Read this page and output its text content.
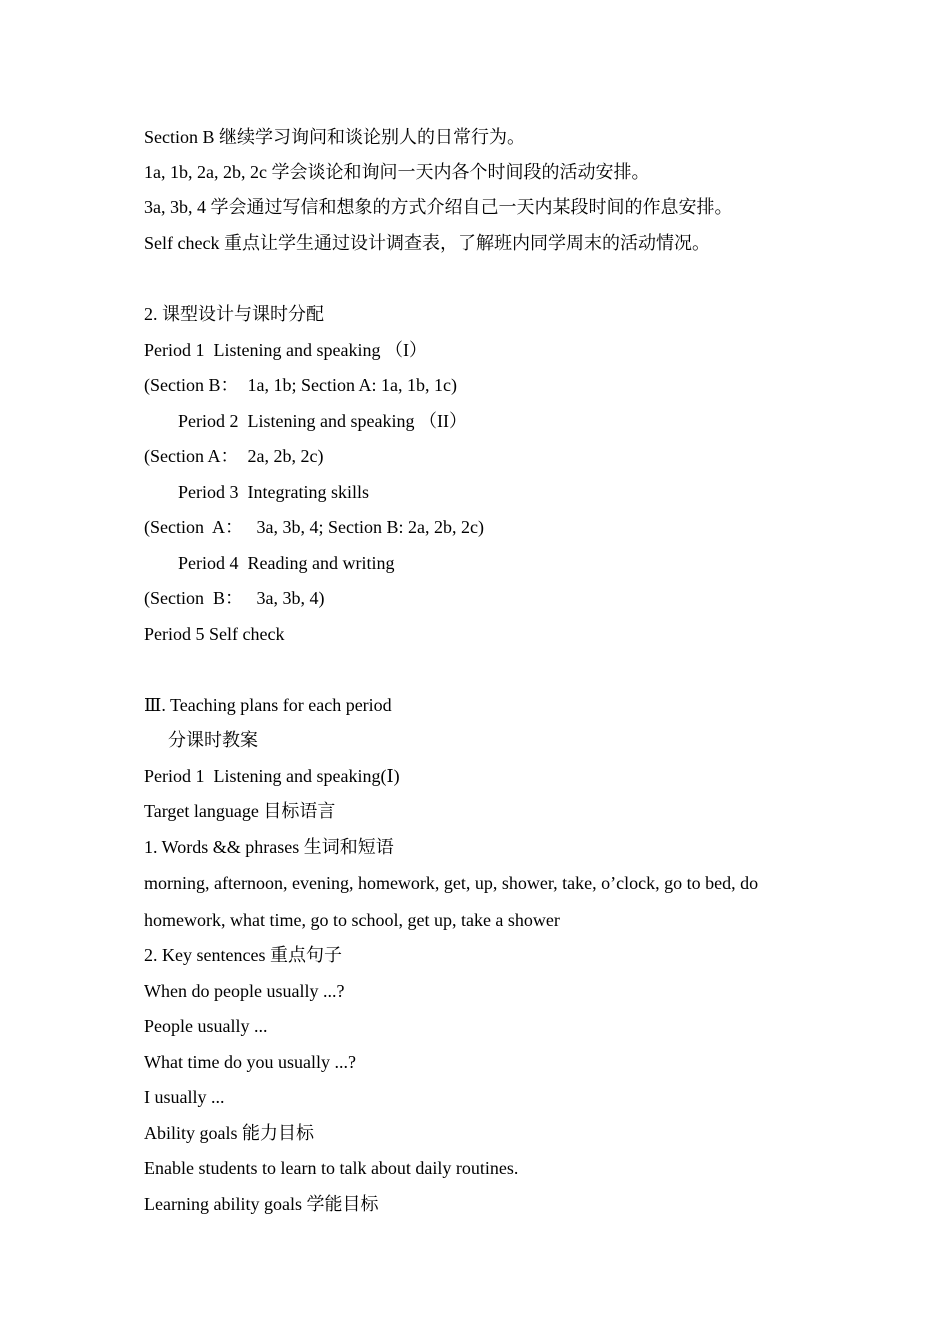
Section B 继续学习询问和谈论别人的日常行为。
1a, 1b, 2a, 2b, 2c 学会谈论和询问一天内各个时间段的活动安排。
3a, 3b, 4 学会通过写信和想象的方式介绍自己一天内某段时间的作息安排。
Self check 重点让学生通过设计调查表，了解班内同学周末的活动情况。
2. 课型设计与课时分配
Period 1  Listening and speaking （I）
(Section B：  1a, 1b; Section A: 1a, 1b, 1c)
Period 2  Listening and speaking （II）
(Section A：  2a, 2b, 2c)
Period 3  Integrating skills
(Section  A：   3a, 3b, 4; Section B: 2a, 2b, 2c)
Period 4  Reading and writing
(Section  B：   3a, 3b, 4)
Period 5 Self check
Ⅲ. Teaching plans for each period
分课时教案
Period 1  Listening and speaking(Ⅰ)
Target language 目标语言
1. Words && phrases 生词和短语
morning, afternoon, evening, homework, get, up, shower, take, o’clock, go to bed, do
homework, what time, go to school, get up, take a shower
2. Key sentences 重点句子
When do people usually ...?
People usually ...
What time do you usually ...?
I usually ...
Ability goals 能力目标
Enable students to learn to talk about daily routines.
Learning ability goals 学能目标
